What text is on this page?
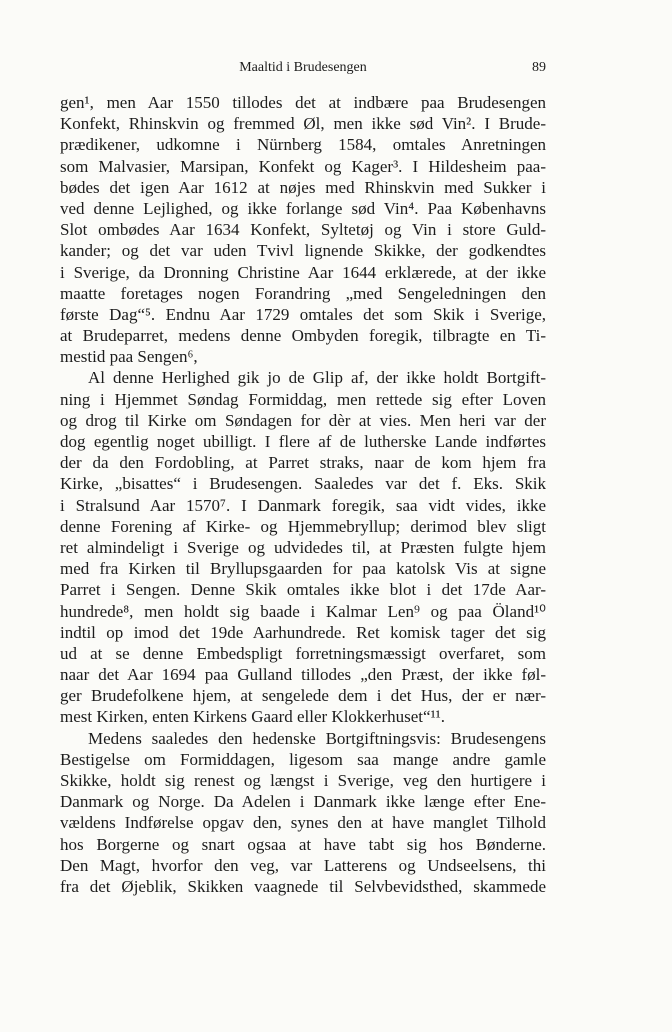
Maaltid i Brudesengen	89
gen¹, men Aar 1550 tillodes det at indbære paa Brudesengen
Konfekt, Rhinskvin og fremmed Øl, men ikke sød Vin². I Brude-
prædikener, udkomne i Nürnberg 1584, omtales Anretningen
som Malvasier, Marsipan, Konfekt og Kager³. I Hildesheim paa-
bødes det igen Aar 1612 at nøjes med Rhinskvin med Sukker i
ved denne Lejlighed, og ikke forlange sød Vin⁴. Paa Københavns
Slot ombødes Aar 1634 Konfekt, Syltetøj og Vin i store Guld-
kander; og det var uden Tvivl lignende Skikke, der godkendtes
i Sverige, da Dronning Christine Aar 1644 erklærede, at der ikke
maatte foretages nogen Forandring „med Sengeledningen den
første Dag“⁵. Endnu Aar 1729 omtales det som Skik i Sverige,
at Brudeparret, medens denne Ombyden foregik, tilbragte en Ti-
mestid paa Sengen⁶,
Al denne Herlighed gik jo de Glip af, der ikke holdt Bortgift-
ning i Hjemmet Søndag Formiddag, men rettede sig efter Loven
og drog til Kirke om Søndagen for dèr at vies. Men heri var der
dog egentlig noget ubilligt. I flere af de lutherske Lande indførtes
der da den Fordobling, at Parret straks, naar de kom hjem fra
Kirke, „bisattes“ i Brudesengen. Saaledes var det f. Eks. Skik
i Stralsund Aar 1570⁷. I Danmark foregik, saa vidt vides, ikke
denne Forening af Kirke- og Hjemmebryllup; derimod blev sligt
ret almindeligt i Sverige og udvidedes til, at Præsten fulgte hjem
med fra Kirken til Bryllupsgaarden for paa katolsk Vis at signe
Parret i Sengen. Denne Skik omtales ikke blot i det 17de Aar-
hundrede⁸, men holdt sig baade i Kalmar Len⁹ og paa Öland¹⁰
indtil op imod det 19de Aarhundrede. Ret komisk tager det sig
ud at se denne Embedspligt forretningsmæssigt overfaret, som
naar det Aar 1694 paa Gulland tillodes „den Præst, der ikke føl-
ger Brudefolkene hjem, at sengelede dem i det Hus, der er nær-
mest Kirken, enten Kirkens Gaard eller Klokkerhuset“¹¹.
Medens saaledes den hedenske Bortgiftningsvis: Brudesengens
Bestigelse om Formiddagen, ligesom saa mange andre gamle
Skikke, holdt sig renest og længst i Sverige, veg den hurtigere i
Danmark og Norge. Da Adelen i Danmark ikke længe efter Ene-
vældens Indførelse opgav den, synes den at have manglet Tilhold
hos Borgerne og snart ogsaa at have tabt sig hos Bønderne.
Den Magt, hvorfor den veg, var Latterens og Undseelsens, thi
fra det Øjeblik, Skikken vaagnede til Selvbevidsthed, skammede
